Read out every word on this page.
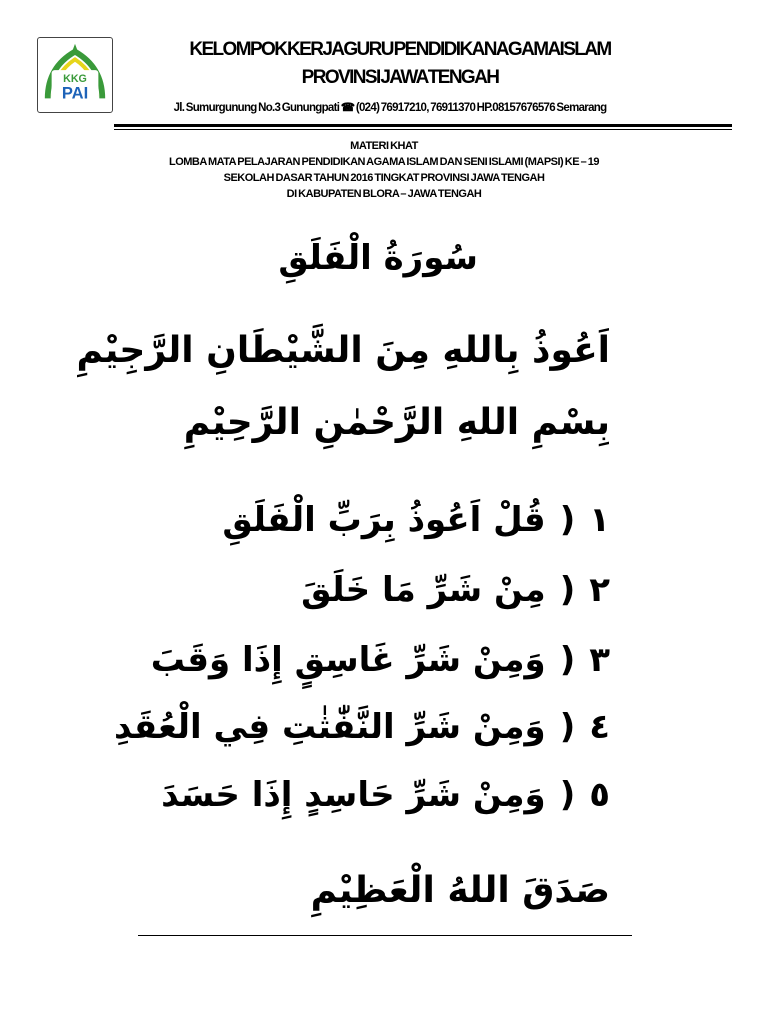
KKG
PAI
KELOMPOK KERJA GURU PENDIDIKAN AGAMA ISLAM
PROVINSI JAWA TENGAH
Jl. Sumurgunung No.3 Gunungpati ☎ (024) 76917210, 76911370 HP.08157676576 Semarang
MATERI KHAT
LOMBA MATA PELAJARAN PENDIDIKAN AGAMA ISLAM DAN SENI ISLAMI (MAPSI) KE – 19
SEKOLAH DASAR TAHUN 2016 TINGKAT PROVINSI JAWA TENGAH
DI KABUPATEN BLORA – JAWA TENGAH
سُورَةُ الْفَلَقِ
اَعُوذُ بِاللهِ مِنَ الشَّيْطَانِ الرَّجِيْمِ
بِسْمِ اللهِ الرَّحْمٰنِ الرَّحِيْمِ
١(قُلْ اَعُوذُ بِرَبِّ الْفَلَقِ
٢(مِنْ شَرِّ مَا خَلَقَ
٣(وَمِنْ شَرِّ غَاسِقٍ إِذَا وَقَبَ
٤(وَمِنْ شَرِّ النَّفّٰثٰتِ فِي الْعُقَدِ
٥(وَمِنْ شَرِّ حَاسِدٍ إِذَا حَسَدَ
صَدَقَ اللهُ الْعَظِيْمِ
